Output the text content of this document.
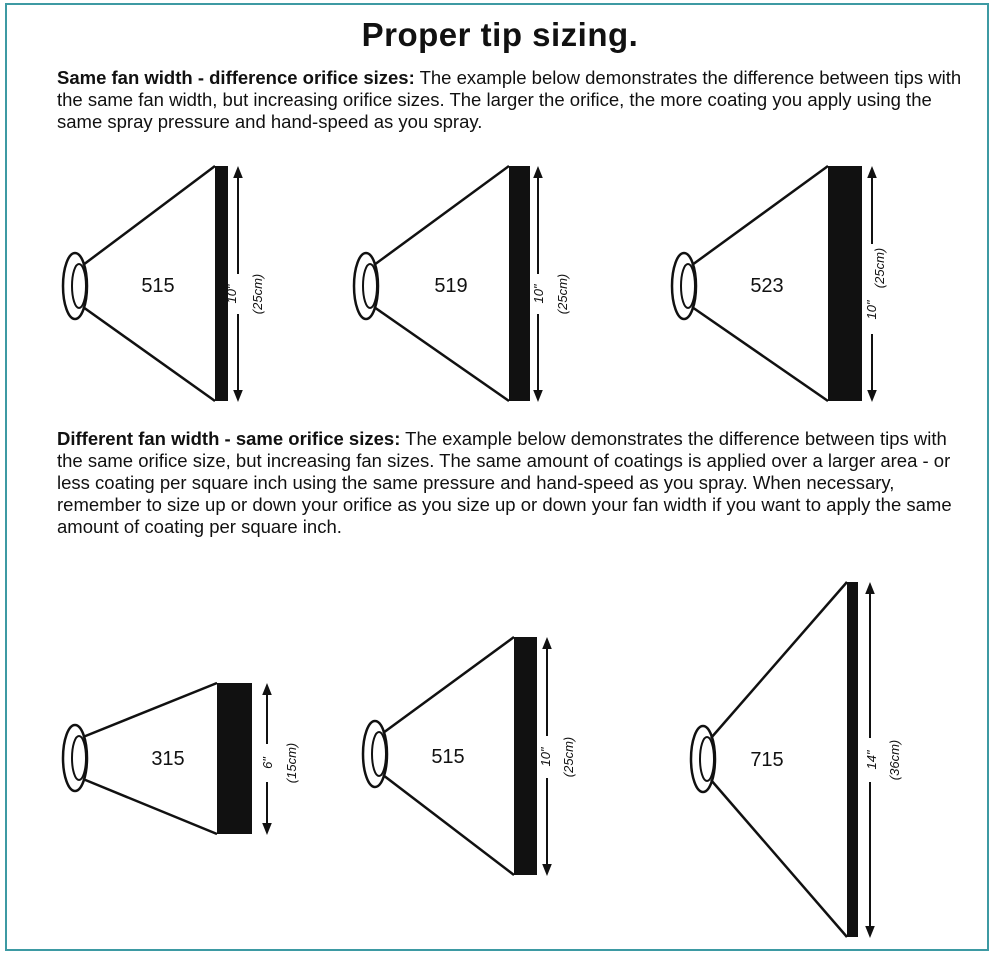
Proper tip sizing.

Same fan width - difference orifice sizes: The example below demonstrates the difference between tips with the same fan width, but increasing orifice sizes. The larger the orifice, the more coating you apply using the same spray pressure and hand-speed as you spray.

Different fan width - same orifice sizes: The example below demonstrates the difference between tips with the same orifice size, but increasing fan sizes. The same amount of coatings is applied over a larger area - or less coating per square inch using the same pressure and hand-speed as you spray. When necessary, remember to size up or down your orifice as you size up or down your fan width if you want to apply the same amount of coating per square inch.

515	10" (25cm)	519	10" (25cm)	523
10"
(25cm)
315	6" (15cm)	515	10" (25cm)	715	14" (36cm)
